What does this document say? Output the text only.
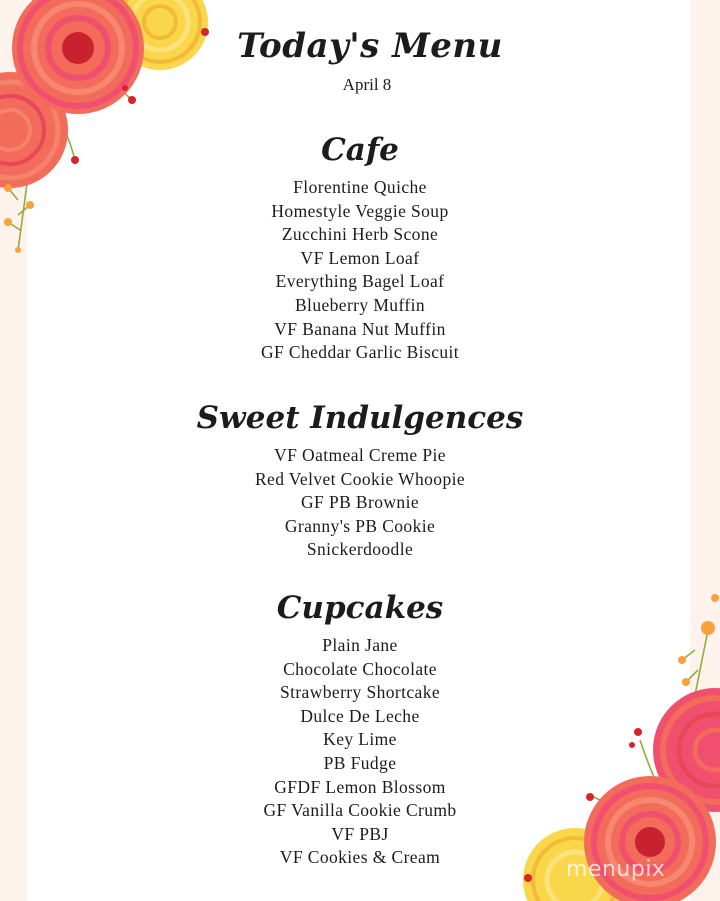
Today's Menu
April 8
Cafe
Florentine Quiche
Homestyle Veggie Soup
Zucchini Herb Scone
VF Lemon Loaf
Everything Bagel Loaf
Blueberry Muffin
VF Banana Nut Muffin
GF Cheddar Garlic Biscuit
Sweet Indulgences
VF Oatmeal Creme Pie
Red Velvet Cookie Whoopie
GF PB Brownie
Granny's PB Cookie
Snickerdoodle
Cupcakes
Plain Jane
Chocolate Chocolate
Strawberry Shortcake
Dulce De Leche
Key Lime
PB Fudge
GFDF Lemon Blossom
GF Vanilla Cookie Crumb
VF PBJ
VF Cookies & Cream	menupix
